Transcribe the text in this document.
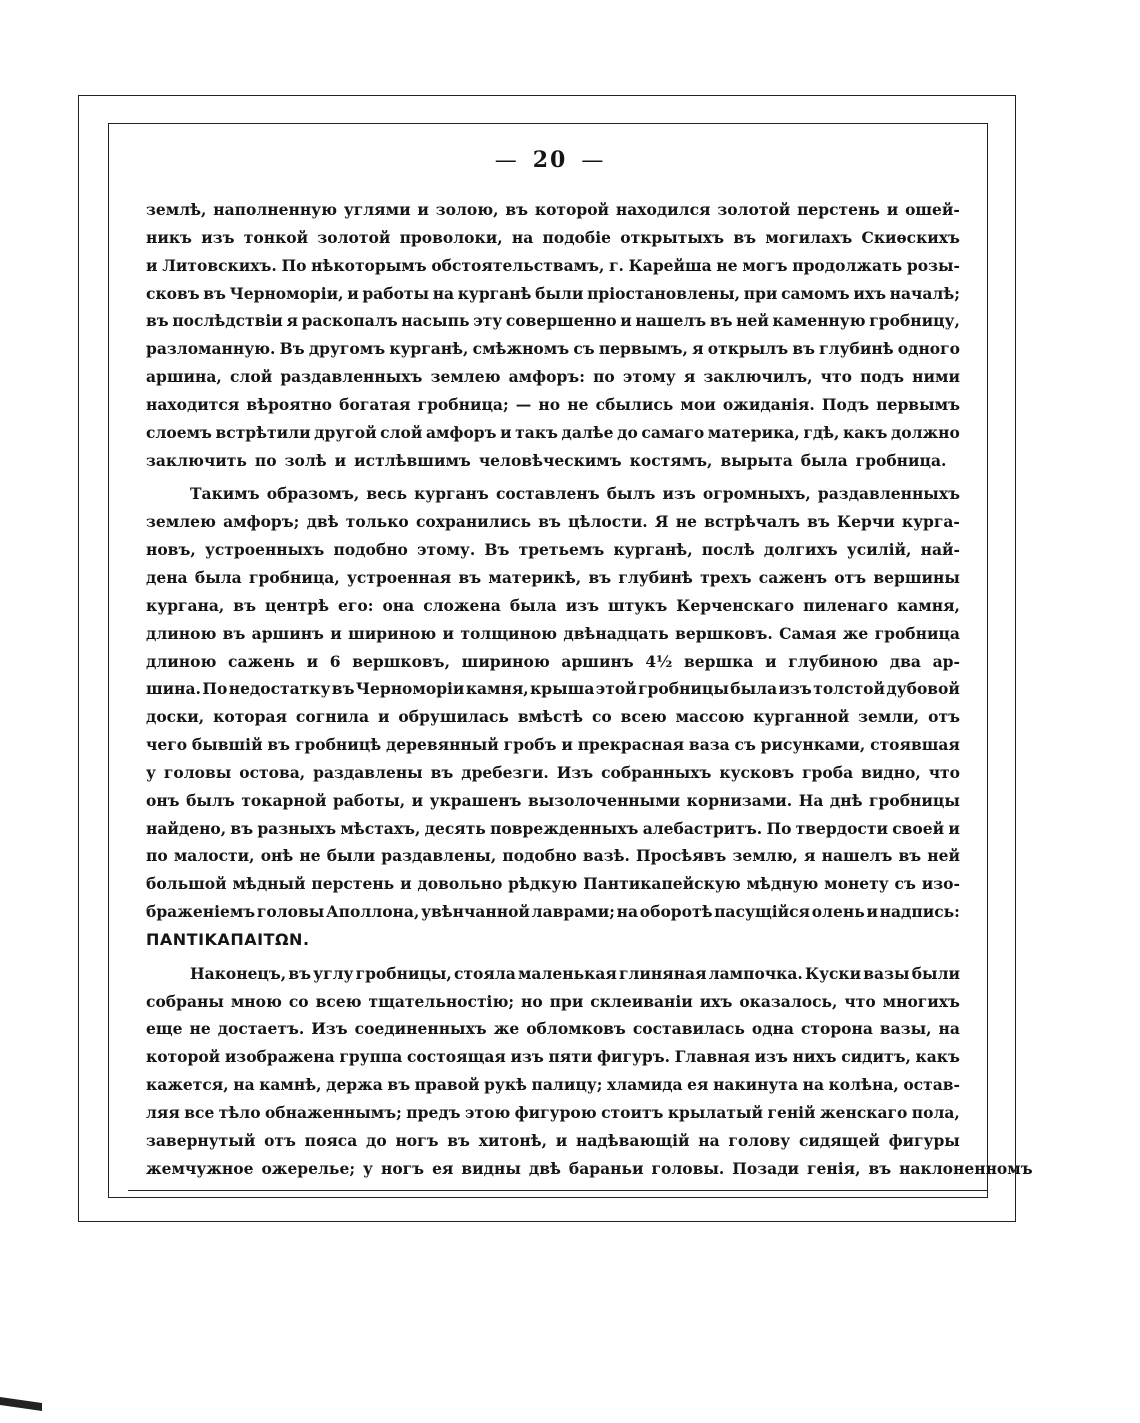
— 20 —
землѣ, наполненную углями и золою, въ которой находился золотой перстень и ошей-
никъ изъ тонкой золотой проволоки, на подобіе открытыхъ въ могилахъ Скиѳскихъ
и Литовскихъ. По нѣкоторымъ обстоятельствамъ, г. Карейша не могъ продолжать розы-
сковъ въ Черноморіи, и работы на курганѣ были пріостановлены, при самомъ ихъ началѣ;
въ послѣдствіи я раскопалъ насыпь эту совершенно и нашелъ въ ней каменную гробницу,
разломанную. Въ другомъ курганѣ, смѣжномъ съ первымъ, я открылъ въ глубинѣ одного
аршина, слой раздавленныхъ землею амфоръ: по этому я заключилъ, что подъ ними
находится вѣроятно богатая гробница; — но не сбылись мои ожиданія. Подъ первымъ
слоемъ встрѣтили другой слой амфоръ и такъ далѣе до самаго материка, гдѣ, какъ должно
заключить по золѣ и истлѣвшимъ человѣческимъ костямъ, вырыта была гробница.
Такимъ образомъ, весь курганъ составленъ былъ изъ огромныхъ, раздавленныхъ
землею амфоръ; двѣ только сохранились въ цѣлости. Я не встрѣчалъ въ Керчи курга-
новъ, устроенныхъ подобно этому. Въ третьемъ курганѣ, послѣ долгихъ усилій, най-
дена была гробница, устроенная въ материкѣ, въ глубинѣ трехъ саженъ отъ вершины
кургана, въ центрѣ его: она сложена была изъ штукъ Керченскаго пиленаго камня,
длиною въ аршинъ и шириною и толщиною двѣнадцать вершковъ. Самая же гробница
длиною сажень и 6 вершковъ, шириною аршинъ 4½ вершка и глубиною два ар-
шина. По недостатку въ Черноморіи камня, крыша этой гробницы была изъ толстой дубовой
доски, которая согнила и обрушилась вмѣстѣ со всею массою курганной земли, отъ
чего бывшій въ гробницѣ деревянный гробъ и прекрасная ваза съ рисунками, стоявшая
у головы остова, раздавлены въ дребезги. Изъ собранныхъ кусковъ гроба видно, что
онъ былъ токарной работы, и украшенъ вызолоченными корнизами. На днѣ гробницы
найдено, въ разныхъ мѣстахъ, десять поврежденныхъ алебастритъ. По твердости своей и
по малости, онѣ не были раздавлены, подобно вазѣ. Просѣявъ землю, я нашелъ въ ней
большой мѣдный перстень и довольно рѣдкую Пантикапейскую мѣдную монету съ изо-
браженіемъ головы Аполлона, увѣнчанной лаврами; на оборотѣ пасущійся олень и надпись:
ΠΑΝΤΙΚΑΠΑΙΤΩΝ.
Наконецъ, въ углу гробницы, стояла маленькая глиняная лампочка. Куски вазы были
собраны мною со всею тщательностію; но при склеиваніи ихъ оказалось, что многихъ
еще не достаетъ. Изъ соединенныхъ же обломковъ составилась одна сторона вазы, на
которой изображена группа состоящая изъ пяти фигуръ. Главная изъ нихъ сидитъ, какъ
кажется, на камнѣ, держа въ правой рукѣ палицу; хламида ея накинута на колѣна, остав-
ляя все тѣло обнаженнымъ; предъ этою фигурою стоитъ крылатый геній женскаго пола,
завернутый отъ пояса до ногъ въ хитонѣ, и надѣвающій на голову сидящей фигуры
жемчужное ожерелье; у ногъ ея видны двѣ бараньи головы. Позади генія, въ наклоненномъ
